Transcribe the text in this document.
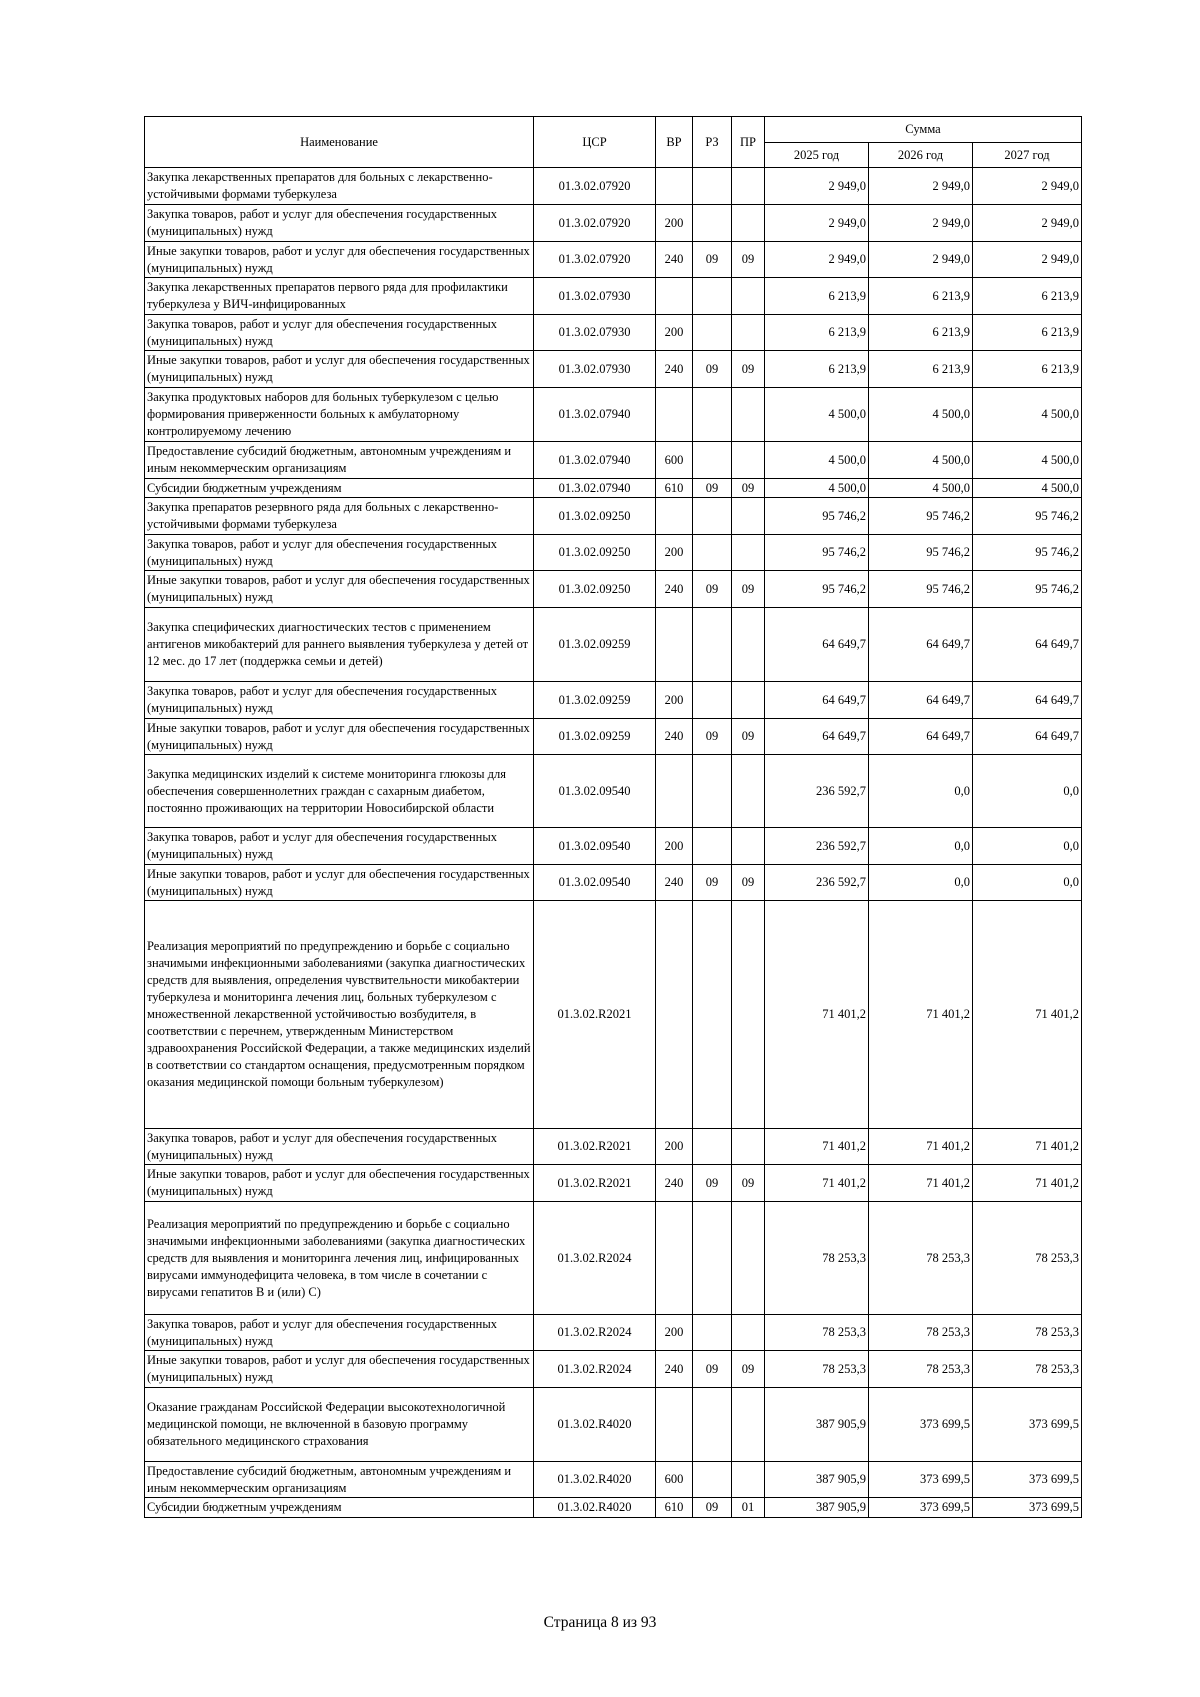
Наименование	ЦСР	ВР	РЗ	ПР	Сумма		
					2025 год	2026 год	2027 год
Закупка лекарственных препаратов для больных с лекарственно-устойчивыми формами туберкулеза	01.3.02.07920				2 949,0	2 949,0	2 949,0
Закупка товаров, работ и услуг для обеспечения государственных (муниципальных) нужд	01.3.02.07920	200			2 949,0	2 949,0	2 949,0
Иные закупки товаров, работ и услуг для обеспечения государственных (муниципальных) нужд	01.3.02.07920	240	09	09	2 949,0	2 949,0	2 949,0
Закупка лекарственных препаратов первого ряда для профилактики туберкулеза у ВИЧ-инфицированных	01.3.02.07930				6 213,9	6 213,9	6 213,9
Закупка товаров, работ и услуг для обеспечения государственных (муниципальных) нужд	01.3.02.07930	200			6 213,9	6 213,9	6 213,9
Иные закупки товаров, работ и услуг для обеспечения государственных (муниципальных) нужд	01.3.02.07930	240	09	09	6 213,9	6 213,9	6 213,9
Закупка продуктовых наборов для больных туберкулезом с целью формирования приверженности больных к амбулаторному контролируемому лечению	01.3.02.07940				4 500,0	4 500,0	4 500,0
Предоставление субсидий бюджетным, автономным учреждениям и иным некоммерческим организациям	01.3.02.07940	600			4 500,0	4 500,0	4 500,0
Субсидии бюджетным учреждениям	01.3.02.07940	610	09	09	4 500,0	4 500,0	4 500,0
Закупка препаратов резервного ряда для больных с лекарственно-устойчивыми формами туберкулеза	01.3.02.09250				95 746,2	95 746,2	95 746,2
Закупка товаров, работ и услуг для обеспечения государственных (муниципальных) нужд	01.3.02.09250	200			95 746,2	95 746,2	95 746,2
Иные закупки товаров, работ и услуг для обеспечения государственных (муниципальных) нужд	01.3.02.09250	240	09	09	95 746,2	95 746,2	95 746,2
Закупка специфических диагностических тестов с применением антигенов микобактерий для раннего выявления туберкулеза у детей от 12 мес. до 17 лет (поддержка семьи и детей)	01.3.02.09259				64 649,7	64 649,7	64 649,7
Закупка товаров, работ и услуг для обеспечения государственных (муниципальных) нужд	01.3.02.09259	200			64 649,7	64 649,7	64 649,7
Иные закупки товаров, работ и услуг для обеспечения государственных (муниципальных) нужд	01.3.02.09259	240	09	09	64 649,7	64 649,7	64 649,7
Закупка медицинских изделий к системе мониторинга глюкозы для обеспечения совершеннолетних граждан с сахарным диабетом, постоянно проживающих на территории Новосибирской области	01.3.02.09540				236 592,7	0,0	0,0
Закупка товаров, работ и услуг для обеспечения государственных (муниципальных) нужд	01.3.02.09540	200			236 592,7	0,0	0,0
Иные закупки товаров, работ и услуг для обеспечения государственных (муниципальных) нужд	01.3.02.09540	240	09	09	236 592,7	0,0	0,0
Реализация мероприятий по предупреждению и борьбе с социально значимыми инфекционными заболеваниями (закупка диагностических средств для выявления, определения чувствительности микобактерии туберкулеза и мониторинга лечения лиц, больных туберкулезом с множественной лекарственной устойчивостью возбудителя, в соответствии с перечнем, утвержденным Министерством здравоохранения Российской Федерации, а также медицинских изделий в соответствии со стандартом оснащения, предусмотренным порядком оказания медицинской помощи больным туберкулезом)	01.3.02.R2021				71 401,2	71 401,2	71 401,2
Закупка товаров, работ и услуг для обеспечения государственных (муниципальных) нужд	01.3.02.R2021	200			71 401,2	71 401,2	71 401,2
Иные закупки товаров, работ и услуг для обеспечения государственных (муниципальных) нужд	01.3.02.R2021	240	09	09	71 401,2	71 401,2	71 401,2
Реализация мероприятий по предупреждению и борьбе с социально значимыми инфекционными заболеваниями (закупка диагностических средств для выявления и мониторинга лечения лиц, инфицированных вирусами иммунодефицита человека, в том числе в сочетании с вирусами гепатитов В и (или) С)	01.3.02.R2024				78 253,3	78 253,3	78 253,3
Закупка товаров, работ и услуг для обеспечения государственных (муниципальных) нужд	01.3.02.R2024	200			78 253,3	78 253,3	78 253,3
Иные закупки товаров, работ и услуг для обеспечения государственных (муниципальных) нужд	01.3.02.R2024	240	09	09	78 253,3	78 253,3	78 253,3
Оказание гражданам Российской Федерации высокотехнологичной медицинской помощи, не включенной в базовую программу обязательного медицинского страхования	01.3.02.R4020				387 905,9	373 699,5	373 699,5
Предоставление субсидий бюджетным, автономным учреждениям и иным некоммерческим организациям	01.3.02.R4020	600			387 905,9	373 699,5	373 699,5
Субсидии бюджетным учреждениям	01.3.02.R4020	610	09	01	387 905,9	373 699,5	373 699,5
Страница 8 из 93
